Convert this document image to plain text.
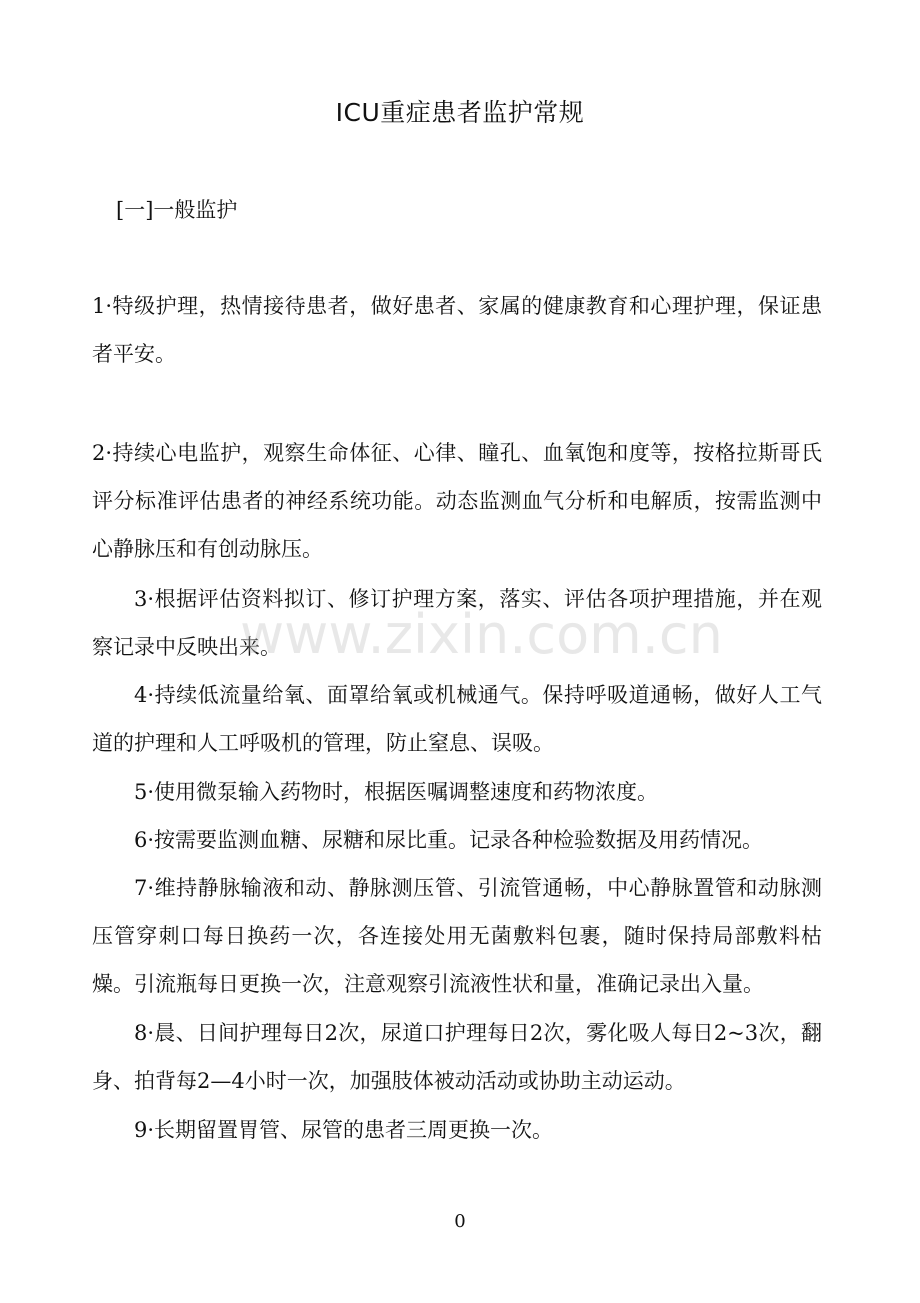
ICU重症患者监护常规
[一]一般监护

1·特级护理，热情接待患者，做好患者、家属的健康教育和心理护理，保证患者平安。

2·持续心电监护，观察生命体征、心律、瞳孔、血氧饱和度等，按格拉斯哥氏评分标准评估患者的神经系统功能。动态监测血气分析和电解质，按需监测中心静脉压和有创动脉压。

3·根据评估资料拟订、修订护理方案，落实、评估各项护理措施，并在观察记录中反映出来。

4·持续低流量给氧、面罩给氧或机械通气。保持呼吸道通畅，做好人工气道的护理和人工呼吸机的管理，防止窒息、误吸。

5·使用微泵输入药物时，根据医嘱调整速度和药物浓度。

6·按需要监测血糖、尿糖和尿比重。记录各种检验数据及用药情况。

7·维持静脉输液和动、静脉测压管、引流管通畅，中心静脉置管和动脉测压管穿刺口每日换药一次，各连接处用无菌敷料包裹，随时保持局部敷料枯燥。引流瓶每日更换一次，注意观察引流液性状和量，准确记录出入量。

8·晨、日间护理每日2次，尿道口护理每日2次，雾化吸人每日2~3次，翻身、拍背每2—4小时一次，加强肢体被动活动或协助主动运动。

9·长期留置胃管、尿管的患者三周更换一次。

www.zixin.com.cn
0
